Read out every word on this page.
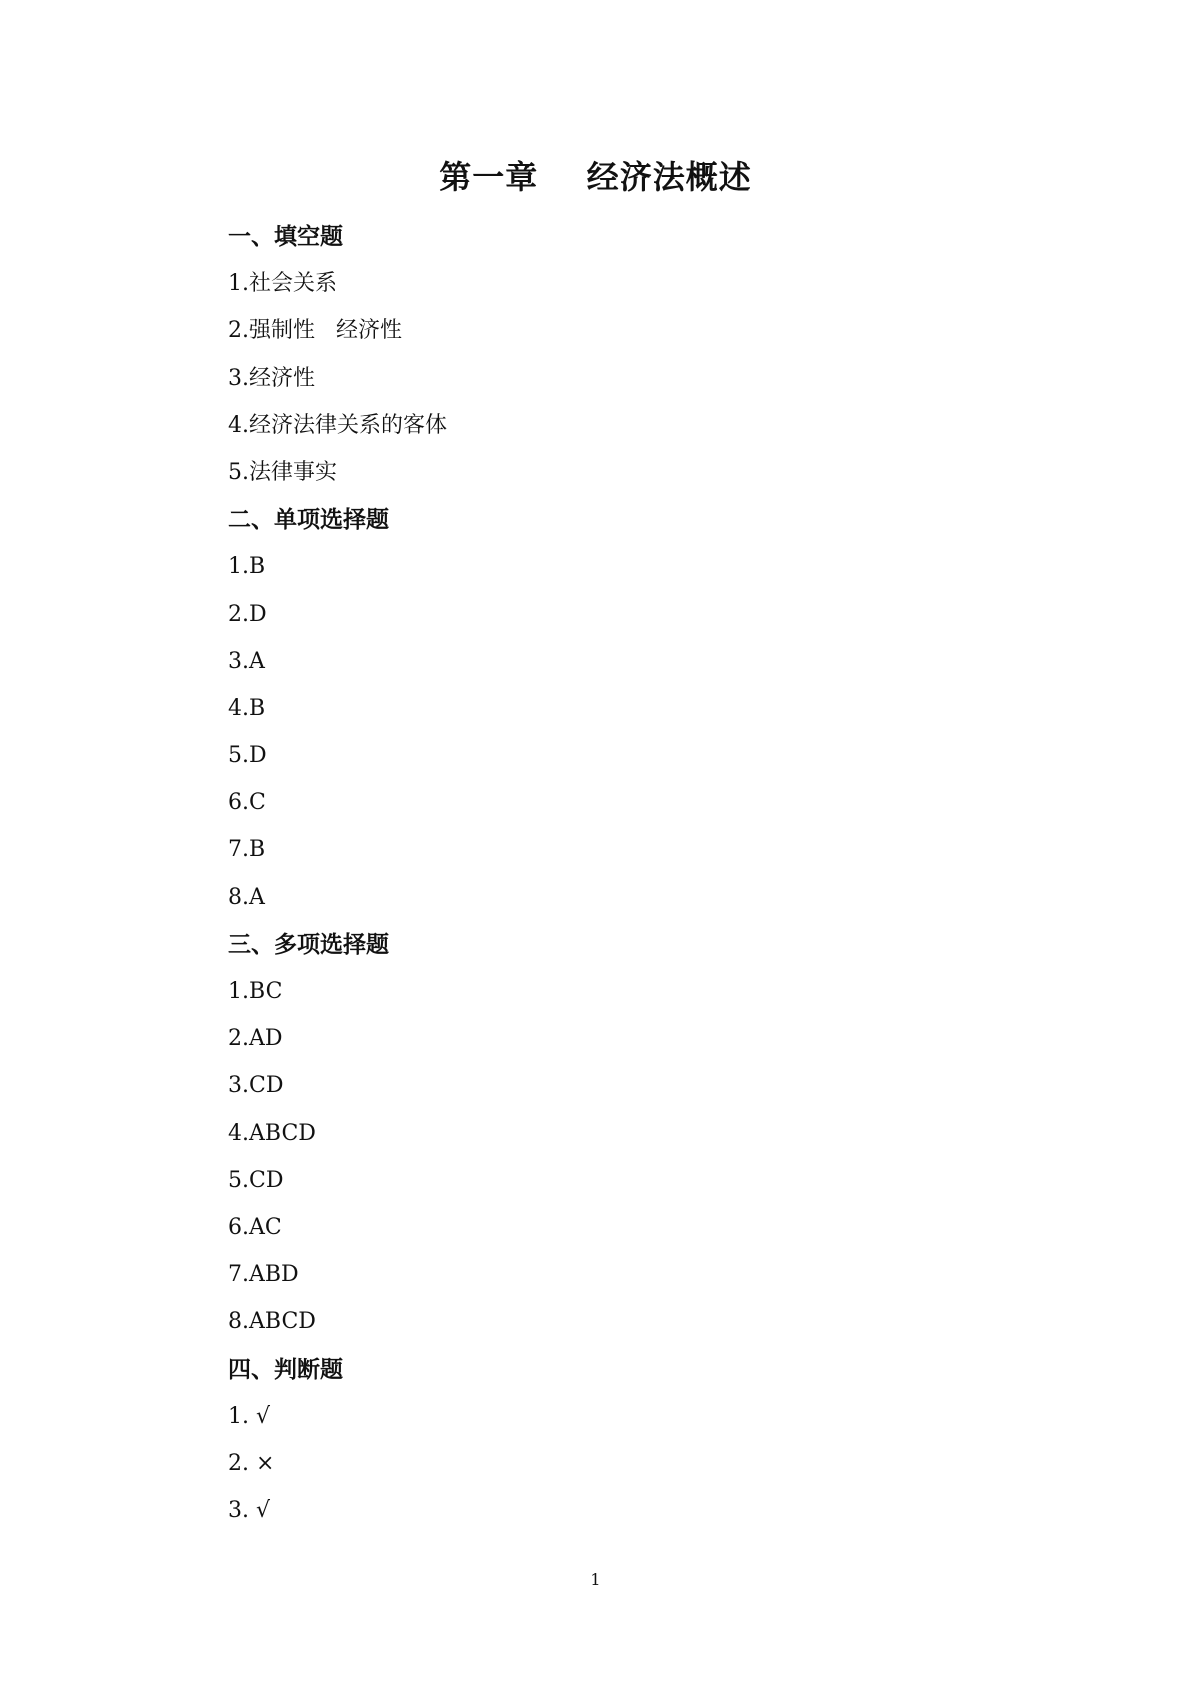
第一章    经济法概述
一、填空题
1.社会关系
2.强制性   经济性
3.经济性
4.经济法律关系的客体
5.法律事实
二、单项选择题
1.B
2.D
3.A
4.B
5.D
6.C
7.B
8.A
三、多项选择题
1.BC
2.AD
3.CD
4.ABCD
5.CD
6.AC
7.ABD
8.ABCD
四、判断题
1. √
2. ×
3. √
1
